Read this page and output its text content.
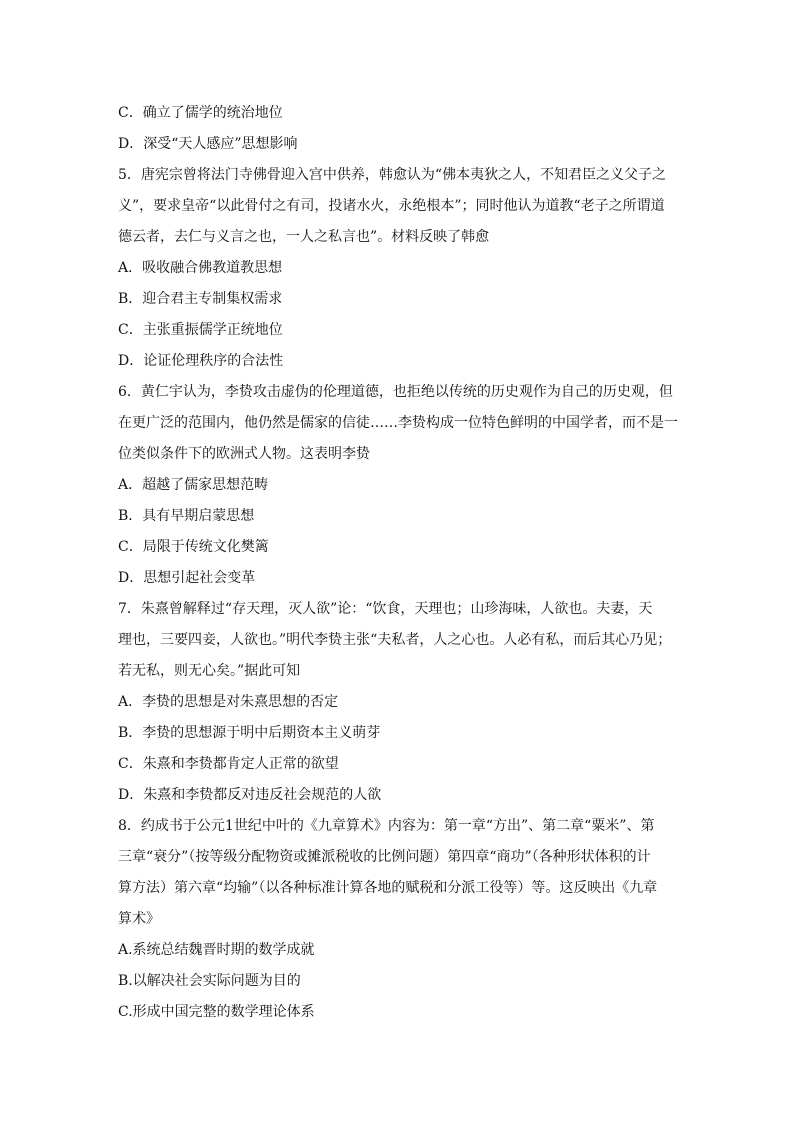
C．确立了儒学的统治地位

D．深受“天人感应”思想影响

5．唐宪宗曾将法门寺佛骨迎入宫中供养，韩愈认为“佛本夷狄之人，不知君臣之义父子之
义”，要求皇帝“以此骨付之有司，投诸水火，永绝根本”；同时他认为道教“老子之所谓道
德云者，去仁与义言之也，一人之私言也”。材料反映了韩愈

A．吸收融合佛教道教思想

B．迎合君主专制集权需求

C．主张重振儒学正统地位

D．论证伦理秩序的合法性

6．黄仁宇认为，李贽攻击虚伪的伦理道德，也拒绝以传统的历史观作为自己的历史观，但
在更广泛的范围内，他仍然是儒家的信徒……李贽构成一位特色鲜明的中国学者，而不是一
位类似条件下的欧洲式人物。这表明李贽

A．超越了儒家思想范畴

B．具有早期启蒙思想

C．局限于传统文化樊篱

D．思想引起社会变革

7．朱熹曾解释过“存天理，灭人欲”论：“饮食，天理也；山珍海味，人欲也。夫妻，天
理也，三要四妾，人欲也。”明代李贽主张“夫私者，人之心也。人必有私，而后其心乃见；
若无私，则无心矣。”据此可知

A．李贽的思想是对朱熹思想的否定

B．李贽的思想源于明中后期资本主义萌芽

C．朱熹和李贽都肯定人正常的欲望

D．朱熹和李贽都反对违反社会规范的人欲

8．约成书于公元1世纪中叶的《九章算术》内容为：第一章“方出”、第二章“粟米”、第
三章“衰分”（按等级分配物资或摊派税收的比例问题）第四章“商功”（各种形状体积的计
算方法）第六章“均输”（以各种标准计算各地的赋税和分派工役等）等。这反映出《九章
算术》

A.系统总结魏晋时期的数学成就

B.以解决社会实际问题为目的

C.形成中国完整的数学理论体系
